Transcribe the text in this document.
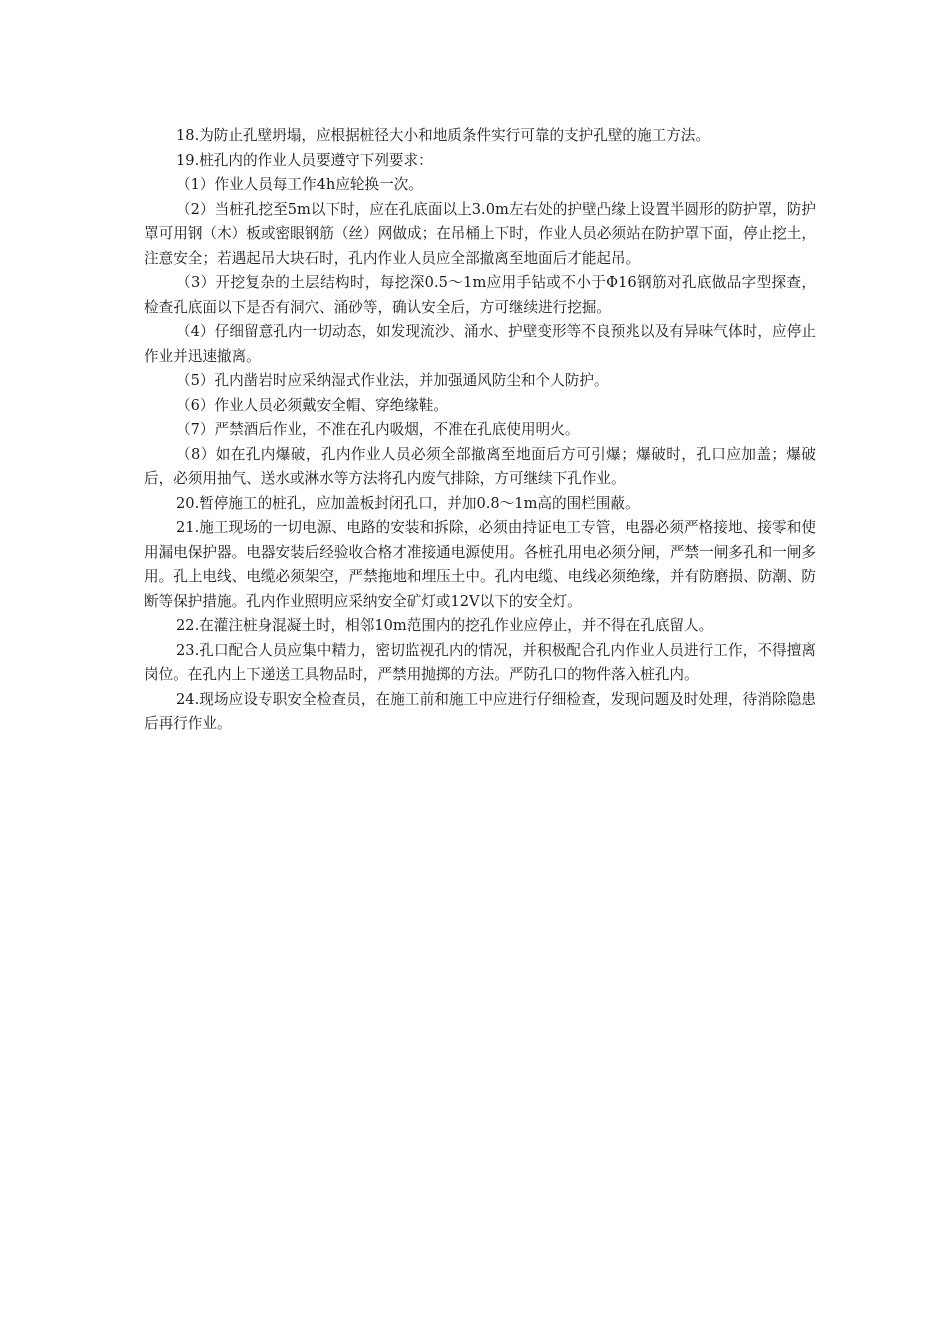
18.为防止孔壁坍塌，应根据桩径大小和地质条件实行可靠的支护孔壁的施工方法。

19.桩孔内的作业人员要遵守下列要求：

（1）作业人员每工作4h应轮换一次。

（2）当桩孔挖至5m以下时，应在孔底面以上3.0m左右处的护壁凸缘上设置半圆形的防护罩，防护罩可用钢（木）板或密眼钢筋（丝）网做成；在吊桶上下时，作业人员必须站在防护罩下面，停止挖土，注意安全；若遇起吊大块石时，孔内作业人员应全部撤离至地面后才能起吊。

（3）开挖复杂的土层结构时，每挖深0.5～1m应用手钻或不小于Φ16钢筋对孔底做品字型探查，检查孔底面以下是否有洞穴、涌砂等，确认安全后，方可继续进行挖掘。

（4）仔细留意孔内一切动态，如发现流沙、涌水、护壁变形等不良预兆以及有异味气体时，应停止作业并迅速撤离。

（5）孔内凿岩时应采纳湿式作业法，并加强通风防尘和个人防护。

（6）作业人员必须戴安全帽、穿绝缘鞋。

（7）严禁酒后作业，不准在孔内吸烟，不准在孔底使用明火。

（8）如在孔内爆破，孔内作业人员必须全部撤离至地面后方可引爆；爆破时，孔口应加盖；爆破后，必须用抽气、送水或淋水等方法将孔内废气排除，方可继续下孔作业。

20.暂停施工的桩孔，应加盖板封闭孔口，并加0.8～1m高的围栏围蔽。

21.施工现场的一切电源、电路的安装和拆除，必须由持证电工专管，电器必须严格接地、接零和使用漏电保护器。电器安装后经验收合格才准接通电源使用。各桩孔用电必须分闸，严禁一闸多孔和一闸多用。孔上电线、电缆必须架空，严禁拖地和埋压土中。孔内电缆、电线必须绝缘，并有防磨损、防潮、防断等保护措施。孔内作业照明应采纳安全矿灯或12V以下的安全灯。

22.在灌注桩身混凝土时，相邻10m范围内的挖孔作业应停止，并不得在孔底留人。

23.孔口配合人员应集中精力，密切监视孔内的情况，并积极配合孔内作业人员进行工作，不得擅离岗位。在孔内上下递送工具物品时，严禁用抛掷的方法。严防孔口的物件落入桩孔内。

24.现场应设专职安全检查员，在施工前和施工中应进行仔细检查，发现问题及时处理，待消除隐患后再行作业。
